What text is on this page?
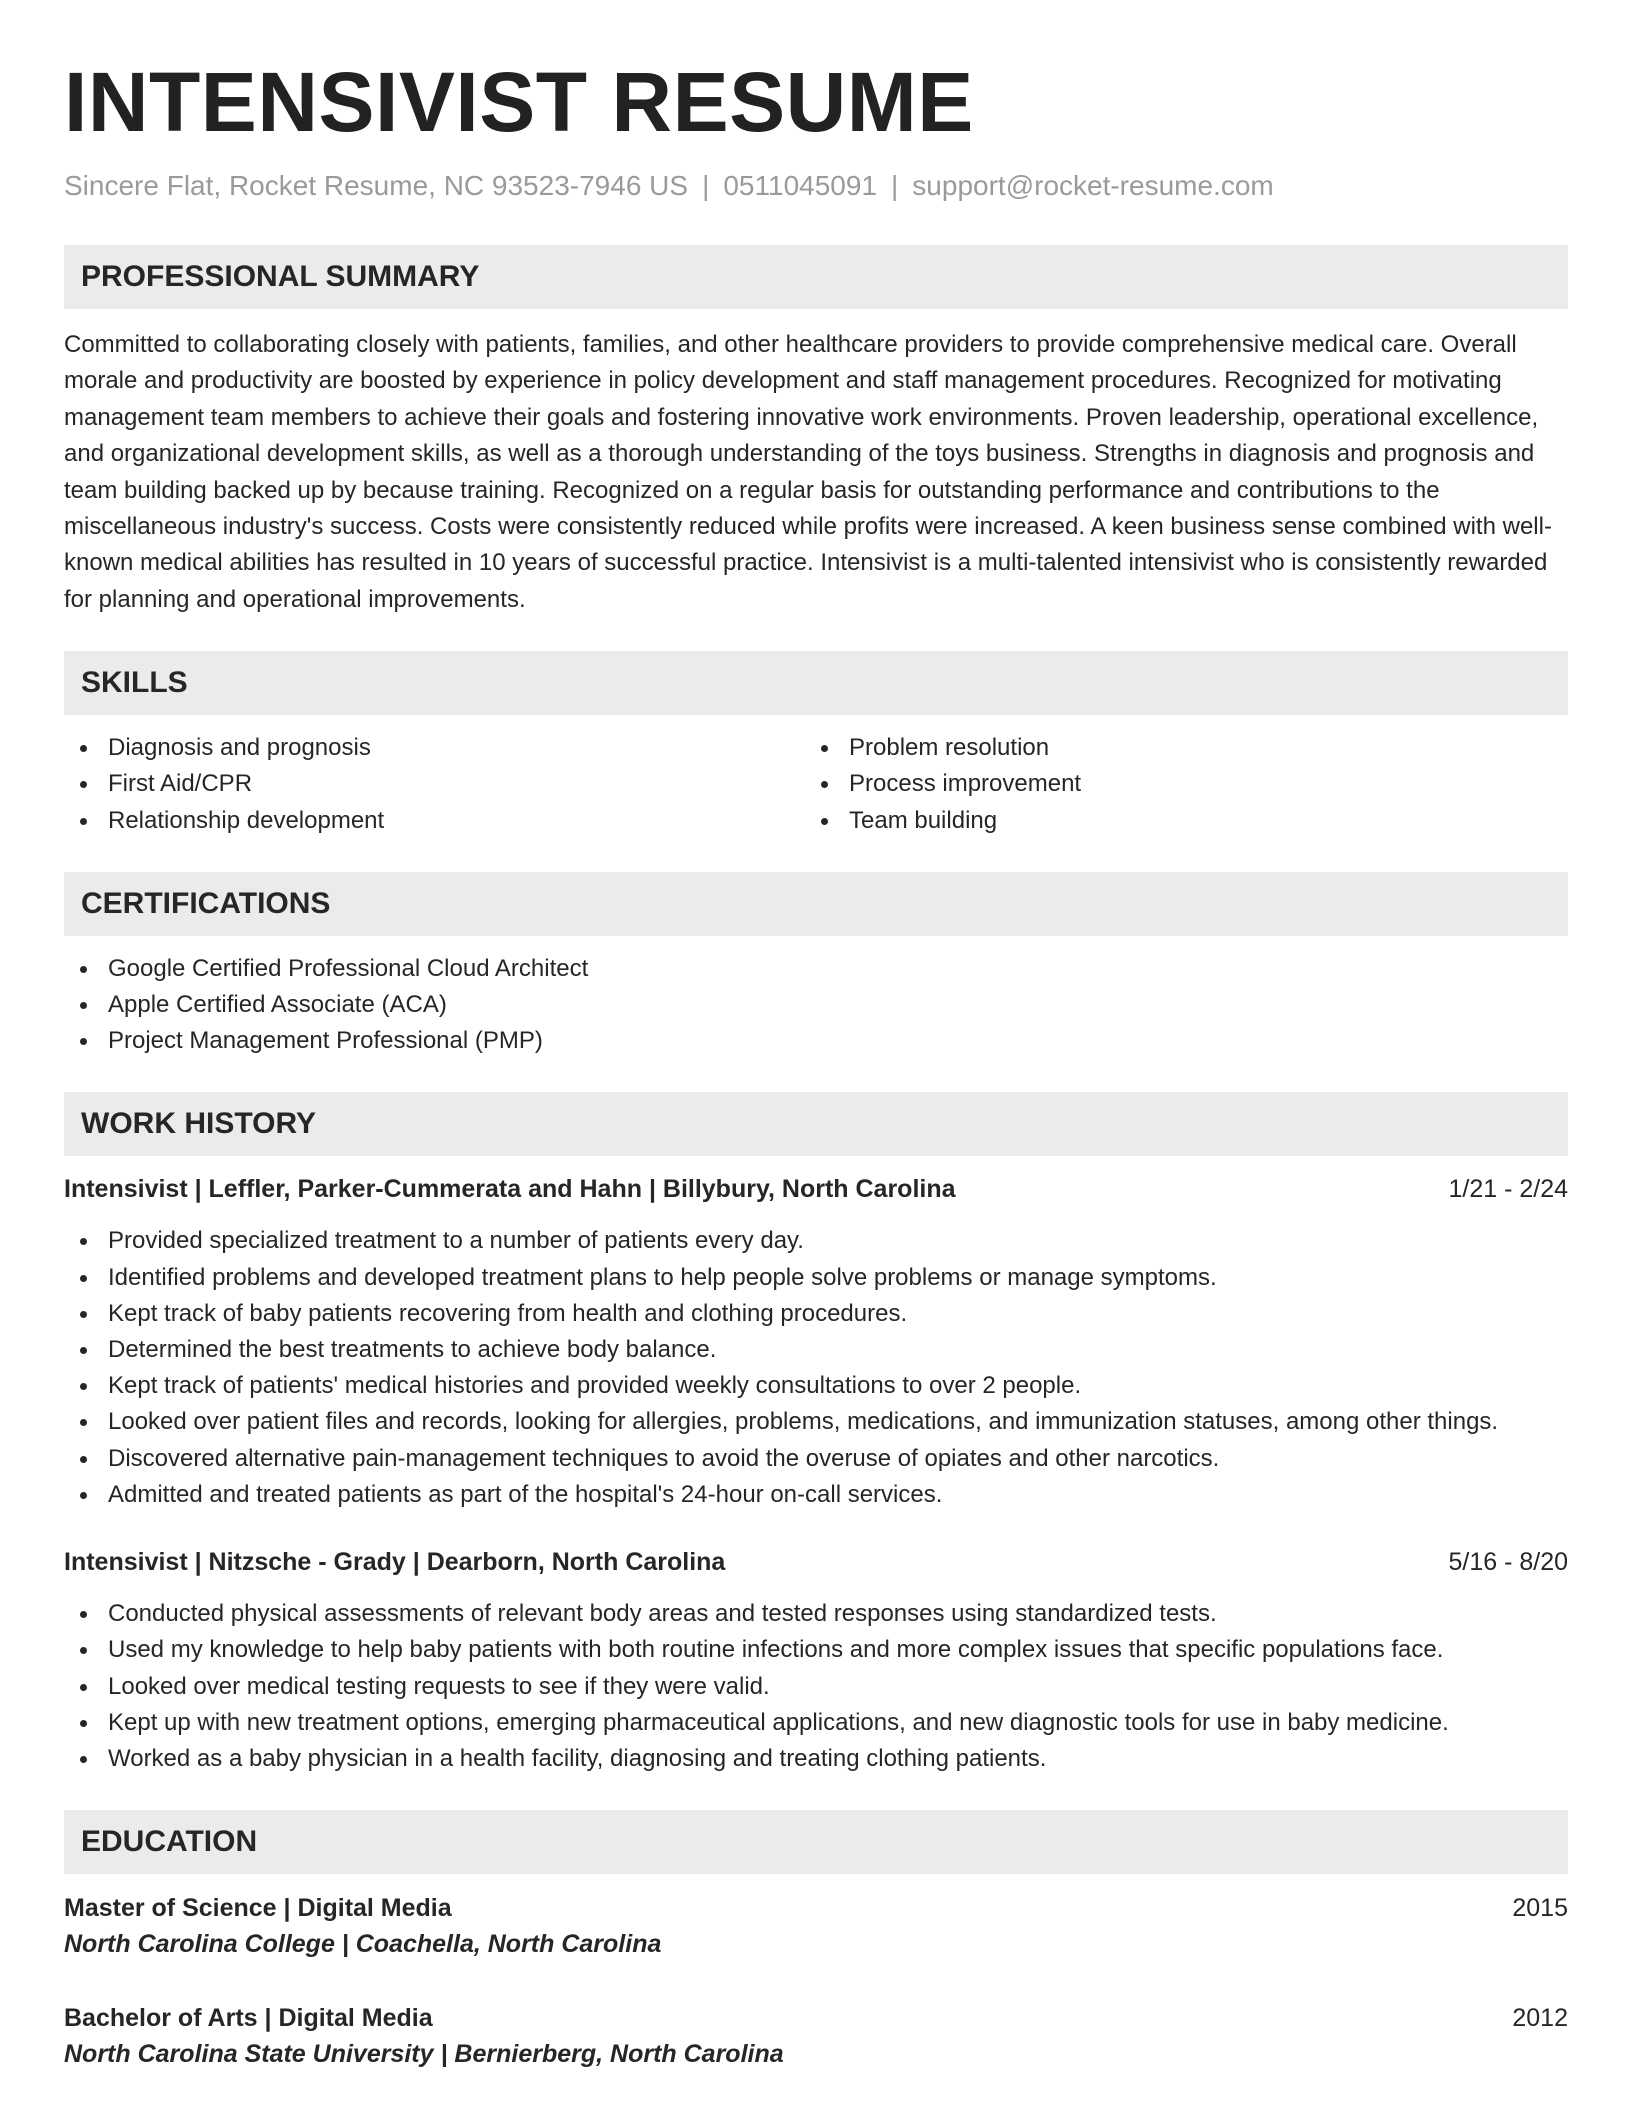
INTENSIVIST RESUME
Sincere Flat, Rocket Resume, NC 93523-7946 US | 0511045091 | support@rocket-resume.com
PROFESSIONAL SUMMARY

Committed to collaborating closely with patients, families, and other healthcare providers to provide comprehensive medical care. Overall morale and productivity are boosted by experience in policy development and staff management procedures. Recognized for motivating management team members to achieve their goals and fostering innovative work environments. Proven leadership, operational excellence, and organizational development skills, as well as a thorough understanding of the toys business. Strengths in diagnosis and prognosis and team building backed up by because training. Recognized on a regular basis for outstanding performance and contributions to the miscellaneous industry's success. Costs were consistently reduced while profits were increased. A keen business sense combined with well-known medical abilities has resulted in 10 years of successful practice. Intensivist is a multi-talented intensivist who is consistently rewarded for planning and operational improvements.

SKILLS
Diagnosis and prognosis
First Aid/CPR
Relationship development
Problem resolution
Process improvement
Team building
CERTIFICATIONS
Google Certified Professional Cloud Architect
Apple Certified Associate (ACA)
Project Management Professional (PMP)
WORK HISTORY
Intensivist | Leffler, Parker-Cummerata and Hahn | Billybury, North Carolina	1/21 - 2/24
Provided specialized treatment to a number of patients every day.
Identified problems and developed treatment plans to help people solve problems or manage symptoms.
Kept track of baby patients recovering from health and clothing procedures.
Determined the best treatments to achieve body balance.
Kept track of patients' medical histories and provided weekly consultations to over 2 people.
Looked over patient files and records, looking for allergies, problems, medications, and immunization statuses, among other things.
Discovered alternative pain-management techniques to avoid the overuse of opiates and other narcotics.
Admitted and treated patients as part of the hospital's 24-hour on-call services.
Intensivist | Nitzsche - Grady | Dearborn, North Carolina	5/16 - 8/20
Conducted physical assessments of relevant body areas and tested responses using standardized tests.
Used my knowledge to help baby patients with both routine infections and more complex issues that specific populations face.
Looked over medical testing requests to see if they were valid.
Kept up with new treatment options, emerging pharmaceutical applications, and new diagnostic tools for use in baby medicine.
Worked as a baby physician in a health facility, diagnosing and treating clothing patients.
EDUCATION
Master of Science | Digital Media	2015
North Carolina College | Coachella, North Carolina
Bachelor of Arts | Digital Media	2012
North Carolina State University | Bernierberg, North Carolina
